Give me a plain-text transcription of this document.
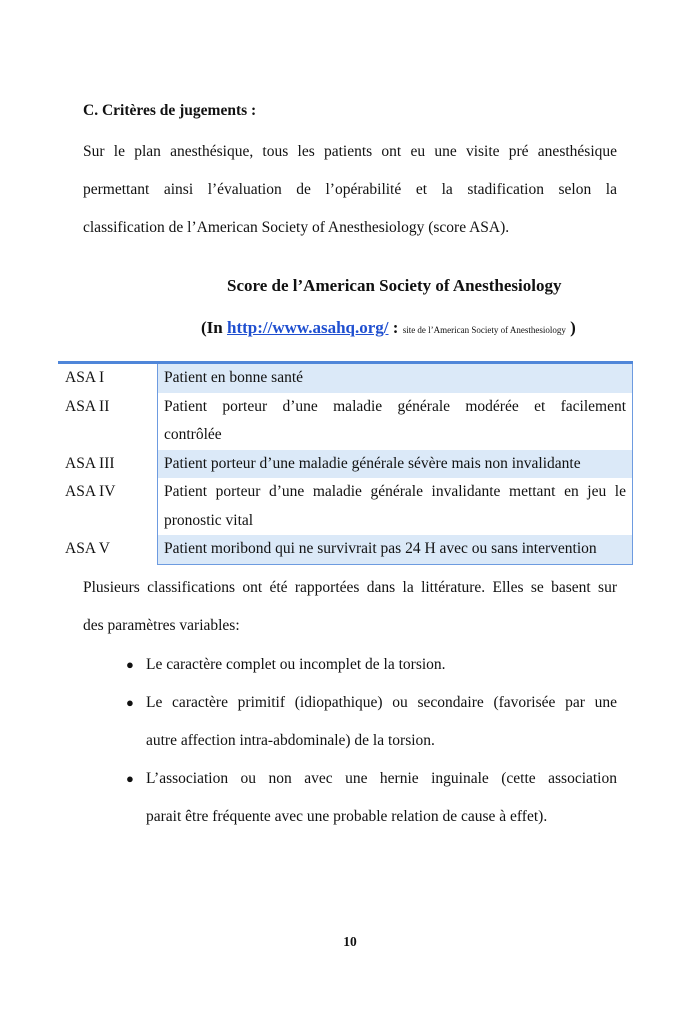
C. Critères de jugements :
Sur le plan anesthésique, tous les patients ont eu une visite pré anesthésique
permettant ainsi l’évaluation de l’opérabilité et la stadification selon la
classification de l’American Society of Anesthesiology (score ASA).
Score de l’American Society of Anesthesiology
(In http://www.asahq.org/ : site de l’American Society of Anesthesiology )
ASA I	Patient en bonne santé
ASA II	Patient porteur d’une maladie générale modérée et facilement
contrôlée
ASA III	Patient porteur d’une maladie générale sévère mais non invalidante
ASA IV	Patient porteur d’une maladie générale invalidante mettant en jeu le
pronostic vital
ASA V	Patient moribond qui ne survivrait pas 24 H avec ou sans intervention
Plusieurs classifications ont été rapportées dans la littérature. Elles se basent sur
des paramètres variables:
● Le caractère complet ou incomplet de la torsion.
● Le caractère primitif (idiopathique) ou secondaire (favorisée par une
autre affection intra-abdominale) de la torsion.
● L’association ou non avec une hernie inguinale (cette association
parait être fréquente avec une probable relation de cause à effet).
10
